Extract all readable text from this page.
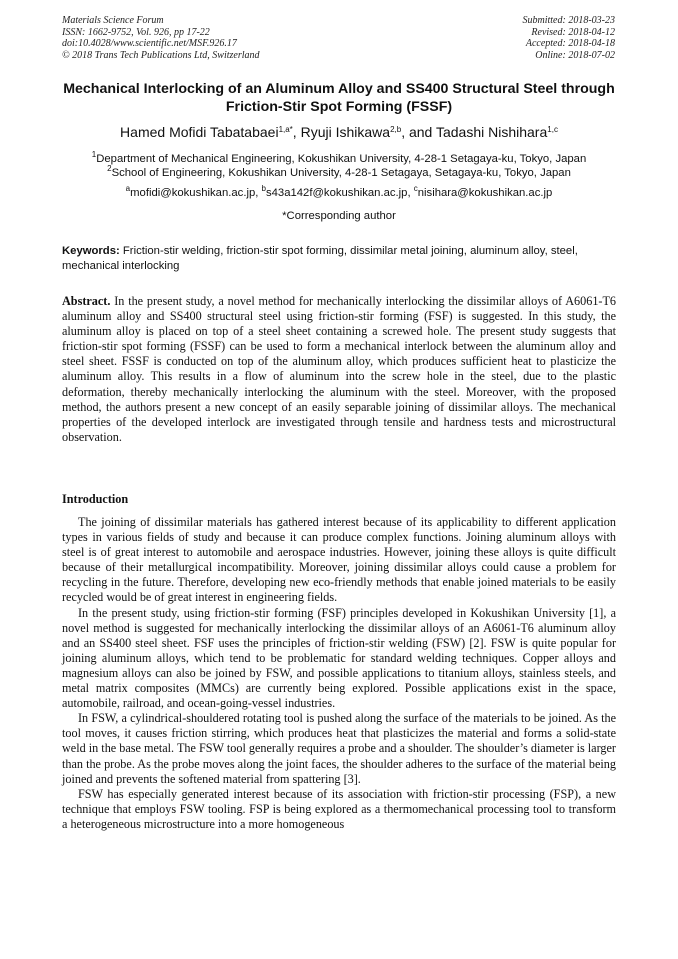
Materials Science Forum
ISSN: 1662-9752, Vol. 926, pp 17-22
doi:10.4028/www.scientific.net/MSF.926.17
© 2018 Trans Tech Publications Ltd, Switzerland
Submitted: 2018-03-23
Revised: 2018-04-12
Accepted: 2018-04-18
Online: 2018-07-02
Mechanical Interlocking of an Aluminum Alloy and SS400 Structural Steel through Friction-Stir Spot Forming (FSSF)
Hamed Mofidi Tabatabaei$^{1,a*}$, Ryuji Ishikawa$^{2,b}$, and Tadashi Nishihara$^{1,c}$
$^1$Department of Mechanical Engineering, Kokushikan University, 4-28-1 Setagaya-ku, Tokyo, Japan
$^2$School of Engineering, Kokushikan University, 4-28-1 Setagaya, Setagaya-ku, Tokyo, Japan
$^a$mofidi@kokushikan.ac.jp, $^b$s43a142f@kokushikan.ac.jp, $^c$nisihara@kokushikan.ac.jp
*Corresponding author
Keywords: Friction-stir welding, friction-stir spot forming, dissimilar metal joining, aluminum alloy, steel, mechanical interlocking
Abstract. In the present study, a novel method for mechanically interlocking the dissimilar alloys of A6061-T6 aluminum alloy and SS400 structural steel using friction-stir forming (FSF) is suggested. In this study, the aluminum alloy is placed on top of a steel sheet containing a screwed hole. The present study suggests that friction-stir spot forming (FSSF) can be used to form a mechanical interlock between the aluminum alloy and steel sheet. FSSF is conducted on top of the aluminum alloy, which produces sufficient heat to plasticize the aluminum alloy. This results in a flow of aluminum into the screw hole in the steel, due to the plastic deformation, thereby mechanically interlocking the aluminum with the steel. Moreover, with the proposed method, the authors present a new concept of an easily separable joining of dissimilar alloys. The mechanical properties of the developed interlock are investigated through tensile and hardness tests and microstructural observation.
Introduction

The joining of dissimilar materials has gathered interest because of its applicability to different application types in various fields of study and because it can produce complex functions. Joining aluminum alloys with steel is of great interest to automobile and aerospace industries. However, joining these alloys is quite difficult because of their metallurgical incompatibility. Moreover, joining dissimilar alloys could cause a problem for recycling in the future. Therefore, developing new eco-friendly methods that enable joined materials to be easily recycled would be of great interest in engineering fields.

In the present study, using friction-stir forming (FSF) principles developed in Kokushikan University [1], a novel method is suggested for mechanically interlocking the dissimilar alloys of an A6061-T6 aluminum alloy and an SS400 steel sheet. FSF uses the principles of friction-stir welding (FSW) [2]. FSW is quite popular for joining aluminum alloys, which tend to be problematic for standard welding techniques. Copper alloys and magnesium alloys can also be joined by FSW, and possible applications to titanium alloys, stainless steels, and metal matrix composites (MMCs) are currently being explored. Possible applications exist in the space, automobile, railroad, and ocean-going-vessel industries.

In FSW, a cylindrical-shouldered rotating tool is pushed along the surface of the materials to be joined. As the tool moves, it causes friction stirring, which produces heat that plasticizes the material and forms a solid-state weld in the base metal. The FSW tool generally requires a probe and a shoulder. The shoulder’s diameter is larger than the probe. As the probe moves along the joint faces, the shoulder adheres to the surface of the material being joined and prevents the softened material from spattering [3].

FSW has especially generated interest because of its association with friction-stir processing (FSP), a new technique that employs FSW tooling. FSP is being explored as a thermomechanical processing tool to transform a heterogeneous microstructure into a more homogeneous
